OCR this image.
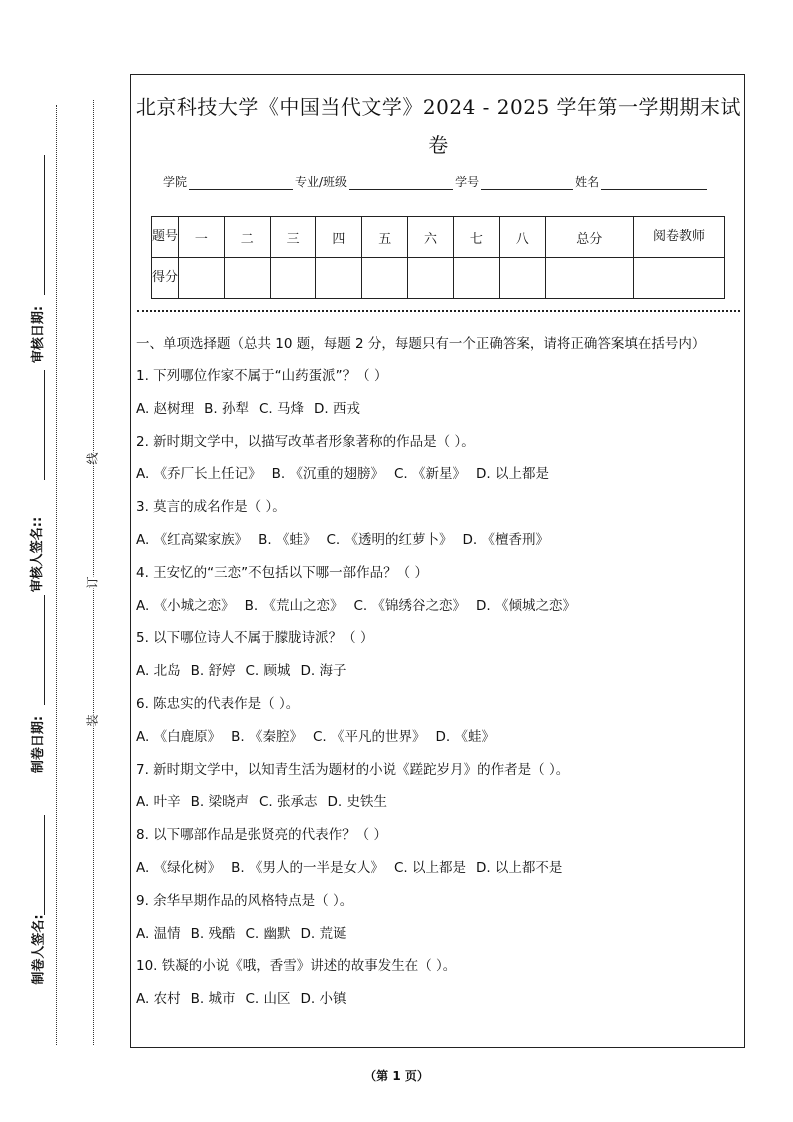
审核日期:
审核人签名::
制卷日期:
制卷人签名:
线
订
装
北京科技大学《中国当代文学》2024 - 2025 学年第一学期期末试
卷
学院	专业/班级	学号	姓名
题号	一	二	三	四	五	六	七	八	总分	阅卷教师
得分										
一、单项选择题（总共 10 题，每题 2 分，每题只有一个正确答案，请将正确答案填在括号内）
1. 下列哪位作家不属于“山药蛋派”？（ ）
A. 赵树理 B. 孙犁 C. 马烽 D. 西戎
2. 新时期文学中，以描写改革者形象著称的作品是（ ）。
A. 《乔厂长上任记》 B. 《沉重的翅膀》 C. 《新星》 D. 以上都是
3. 莫言的成名作是（ ）。
A. 《红高粱家族》 B. 《蛙》 C. 《透明的红萝卜》 D. 《檀香刑》
4. 王安忆的“三恋”不包括以下哪一部作品？（ ）
A. 《小城之恋》 B. 《荒山之恋》 C. 《锦绣谷之恋》 D. 《倾城之恋》
5. 以下哪位诗人不属于朦胧诗派？（ ）
A. 北岛 B. 舒婷 C. 顾城 D. 海子
6. 陈忠实的代表作是（ ）。
A. 《白鹿原》 B. 《秦腔》 C. 《平凡的世界》 D. 《蛙》
7. 新时期文学中，以知青生活为题材的小说《蹉跎岁月》的作者是（ ）。
A. 叶辛 B. 梁晓声 C. 张承志 D. 史铁生
8. 以下哪部作品是张贤亮的代表作？（ ）
A. 《绿化树》 B. 《男人的一半是女人》 C. 以上都是 D. 以上都不是
9. 余华早期作品的风格特点是（ ）。
A. 温情 B. 残酷 C. 幽默 D. 荒诞
10. 铁凝的小说《哦，香雪》讲述的故事发生在（ ）。
A. 农村 B. 城市 C. 山区 D. 小镇
（第 1 页）
